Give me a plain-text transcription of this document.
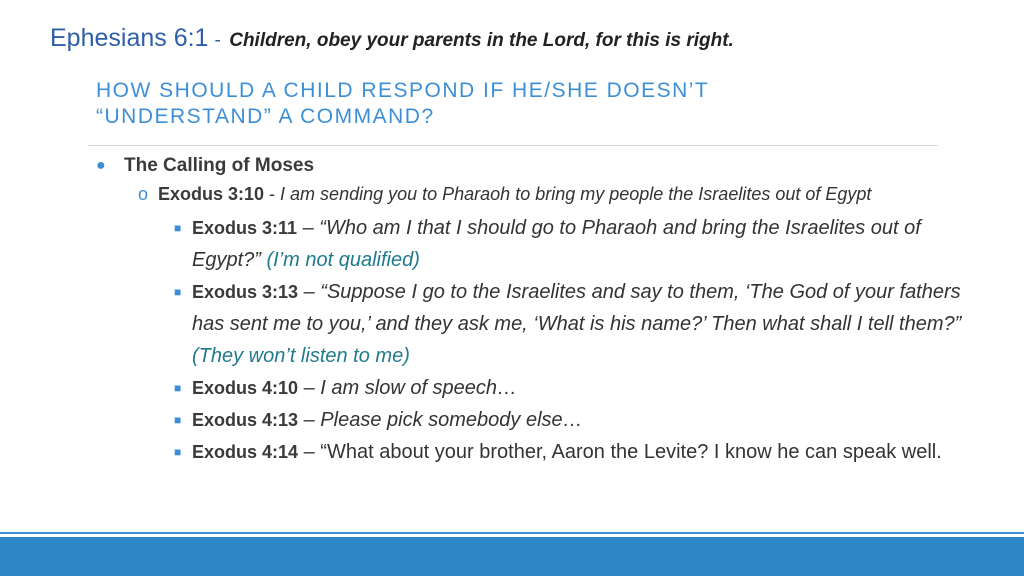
Ephesians 6:1 - Children, obey your parents in the Lord, for this is right.
HOW SHOULD A CHILD RESPOND IF HE/SHE DOESN’T
“UNDERSTAND” A COMMAND?
● The Calling of Moses
o Exodus 3:10 - I am sending you to Pharaoh to bring my people the Israelites out of Egypt
■ Exodus 3:11 – “Who am I that I should go to Pharaoh and bring the Israelites out of Egypt?” (I’m not qualified)
■ Exodus 3:13 – “Suppose I go to the Israelites and say to them, ‘The God of your fathers has sent me to you,’ and they ask me, ‘What is his name?’ Then what shall I tell them?” (They won’t listen to me)
■ Exodus 4:10 – I am slow of speech…
■ Exodus 4:13 – Please pick somebody else…
■ Exodus 4:14 – “What about your brother, Aaron the Levite? I know he can speak well.
